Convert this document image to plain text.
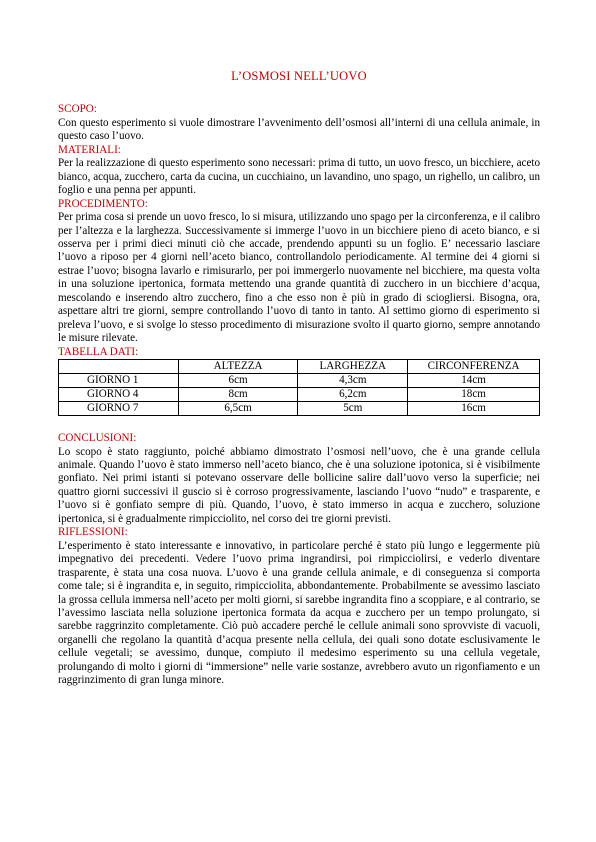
L’OSMOSI NELL’UOVO
SCOPO:

Con questo esperimento si vuole dimostrare l’avvenimento dell’osmosi all’interni di una cellula animale, in questo caso l’uovo.

MATERIALI:

Per la realizzazione di questo esperimento sono necessari: prima di tutto, un uovo fresco, un bicchiere, aceto bianco, acqua, zucchero, carta da cucina, un cucchiaino, un lavandino, uno spago, un righello, un calibro, un foglio e una penna per appunti.

PROCEDIMENTO:

Per prima cosa si prende un uovo fresco, lo si misura, utilizzando uno spago per la circonferenza, e il calibro per l’altezza e la larghezza. Successivamente si immerge l’uovo in un bicchiere pieno di aceto bianco, e si osserva per i primi dieci minuti ciò che accade, prendendo appunti su un foglio. E’ necessario lasciare l’uovo a riposo per 4 giorni nell’aceto bianco, controllandolo periodicamente. Al termine dei 4 giorni si estrae l’uovo; bisogna lavarlo e rimisurarlo, per poi immergerlo nuovamente nel bicchiere, ma questa volta in una soluzione ipertonica, formata mettendo una grande quantità di zucchero in un bicchiere d’acqua, mescolando e inserendo altro zucchero, fino a che esso non è più in grado di sciogliersi. Bisogna, ora, aspettare altri tre giorni, sempre controllando l’uovo di tanto in tanto. Al settimo giorno di esperimento si preleva l’uovo, e si svolge lo stesso procedimento di misurazione svolto il quarto giorno, sempre annotando le misure rilevate.

TABELLA DATI:
	ALTEZZA	LARGHEZZA	CIRCONFERENZA
GIORNO 1	6cm	4,3cm	14cm
GIORNO 4	8cm	6,2cm	18cm
GIORNO 7	6,5cm	5cm	16cm
CONCLUSIONI:

Lo scopo è stato raggiunto, poiché abbiamo dimostrato l’osmosi nell’uovo, che è una grande cellula animale. Quando l’uovo è stato immerso nell’aceto bianco, che è una soluzione ipotonica, si è visibilmente gonfiato. Nei primi istanti si potevano osservare delle bollicine salire dall’uovo verso la superficie; nei quattro giorni successivi il guscio si è corroso progressivamente, lasciando l’uovo “nudo” e trasparente, e l’uovo si è gonfiato sempre di più. Quando, l’uovo, è stato immerso in acqua e zucchero, soluzione ipertonica, si è gradualmente rimpicciolito, nel corso dei tre giorni previsti.

RIFLESSIONI:

L’esperimento è stato interessante e innovativo, in particolare perché è stato più lungo e leggermente più impegnativo dei precedenti. Vedere l’uovo prima ingrandirsi, poi rimpicciolirsi, e vederlo diventare trasparente, è stata una cosa nuova. L’uovo è una grande cellula animale, e di conseguenza si comporta come tale; si è ingrandita e, in seguito, rimpicciolita, abbondantemente. Probabilmente se avessimo lasciato la grossa cellula immersa nell’aceto per molti giorni, si sarebbe ingrandita fino a scoppiare, e al contrario, se l’avessimo lasciata nella soluzione ipertonica formata da acqua e zucchero per un tempo prolungato, si sarebbe raggrinzito completamente. Ciò può accadere perché le cellule animali sono sprovviste di vacuoli, organelli che regolano la quantità d’acqua presente nella cellula, dei quali sono dotate esclusivamente le cellule vegetali; se avessimo, dunque, compiuto il medesimo esperimento su una cellula vegetale, prolungando di molto i giorni di “immersione” nelle varie sostanze, avrebbero avuto un rigonfiamento e un raggrinzimento di gran lunga minore.
